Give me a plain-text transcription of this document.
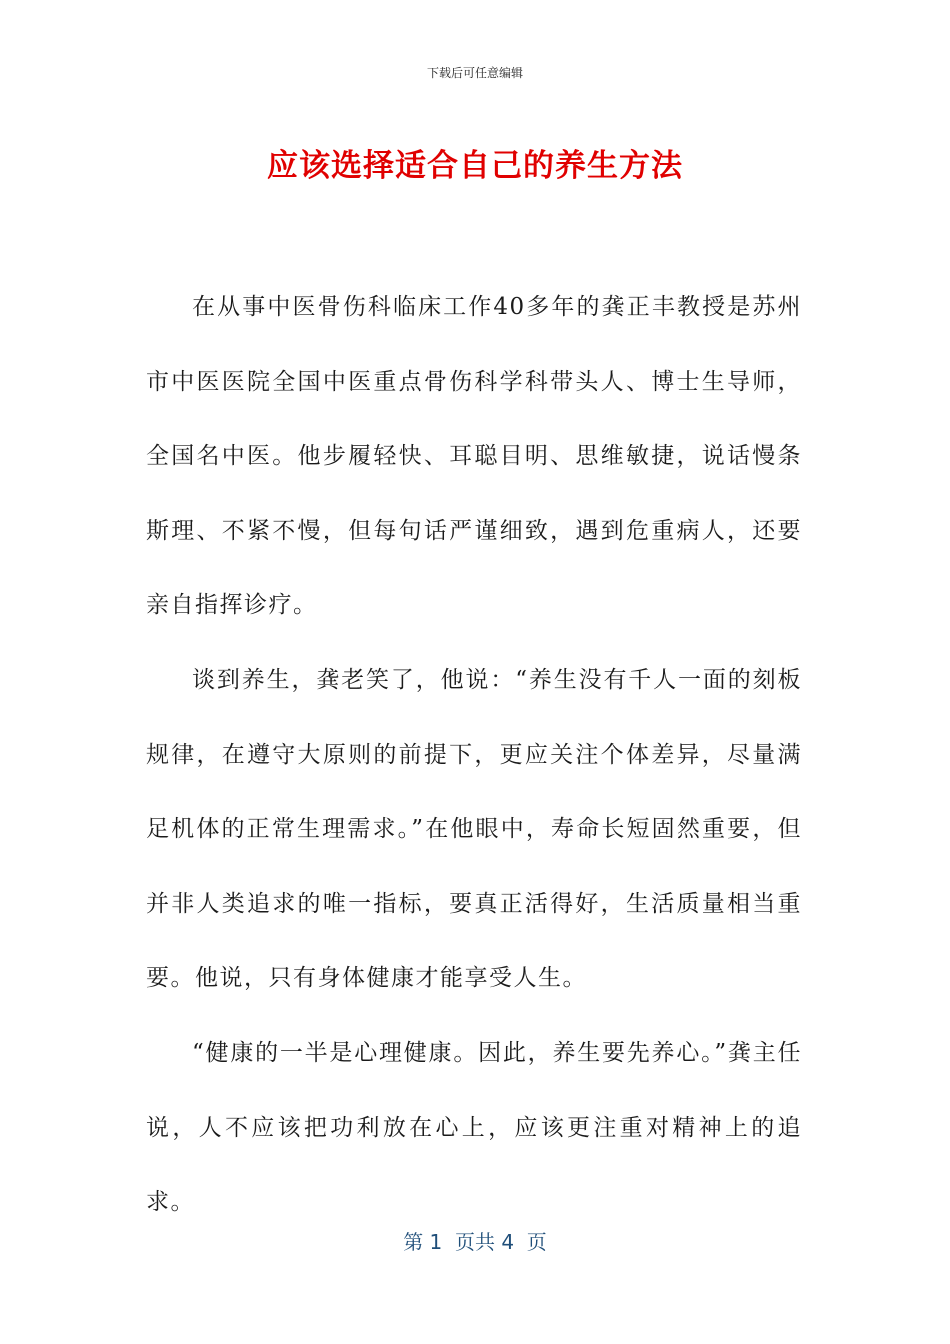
下载后可任意编辑
应该选择适合自己的养生方法

在从事中医骨伤科临床工作40多年的龚正丰教授是苏州市中医医院全国中医重点骨伤科学科带头人、博士生导师，全国名中医。他步履轻快、耳聪目明、思维敏捷，说话慢条斯理、不紧不慢，但每句话严谨细致，遇到危重病人，还要亲自指挥诊疗。

谈到养生，龚老笑了，他说：“养生没有千人一面的刻板规律，在遵守大原则的前提下，更应关注个体差异，尽量满足机体的正常生理需求。”在他眼中，寿命长短固然重要，但并非人类追求的唯一指标，要真正活得好，生活质量相当重要。他说，只有身体健康才能享受人生。

“健康的一半是心理健康。因此，养生要先养心。”龚主任说，人不应该把功利放在心上，应该更注重对精神上的追求。

第 1  页共 4  页
